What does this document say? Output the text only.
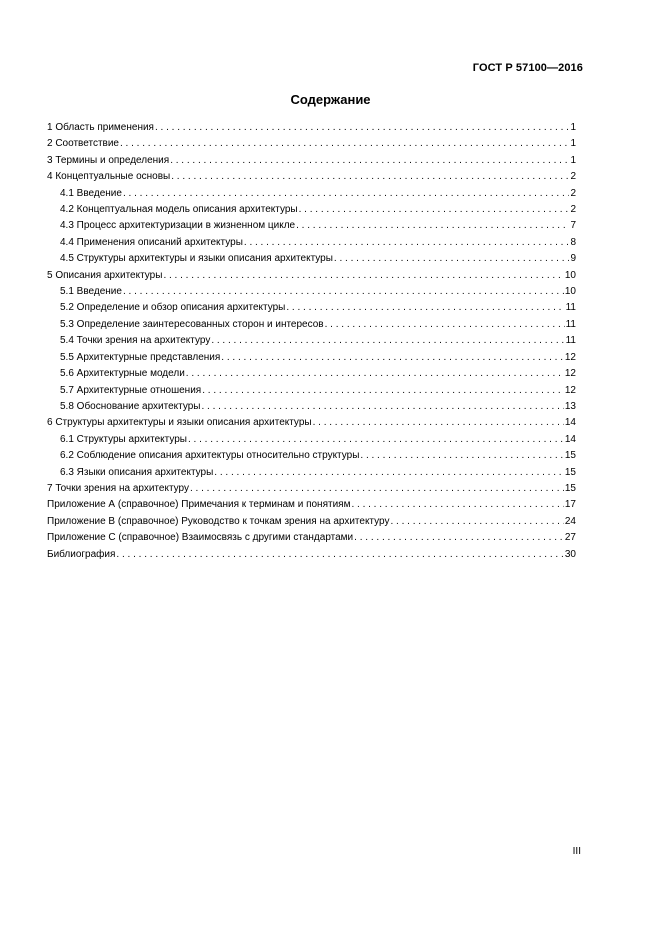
ГОСТ Р 57100—2016
Содержание
1 Область применения . . .	1
2 Соответствие . . .	1
3 Термины и определения . . .	1
4 Концептуальные основы . . .	2
4.1 Введение . . .	2
4.2 Концептуальная модель описания архитектуры . . .	2
4.3 Процесс архитектуризации в жизненном цикле . . .	7
4.4 Применения описаний архитектуры . . .	8
4.5 Структуры архитектуры и языки описания архитектуры . . .	9
5 Описания архитектуры . . .	10
5.1 Введение . . .	10
5.2 Определение и обзор описания архитектуры . . .	11
5.3 Определение заинтересованных сторон и интересов . . .	11
5.4 Точки зрения на архитектуру . . .	11
5.5 Архитектурные представления . . .	12
5.6 Архитектурные модели . . .	12
5.7 Архитектурные отношения . . .	12
5.8 Обоснование архитектуры . . .	13
6 Структуры архитектуры и языки описания архитектуры . . .	14
6.1 Структуры архитектуры . . .	14
6.2 Соблюдение описания архитектуры относительно структуры . . .	15
6.3 Языки описания архитектуры . . .	15
7 Точки зрения на архитектуру . . .	15
Приложение А (справочное) Примечания к терминам и понятиям . . .	17
Приложение В (справочное) Руководство к точкам зрения на архитектуру . . .	24
Приложение С (справочное) Взаимосвязь с другими стандартами . . .	27
Библиография . . .	30
III
